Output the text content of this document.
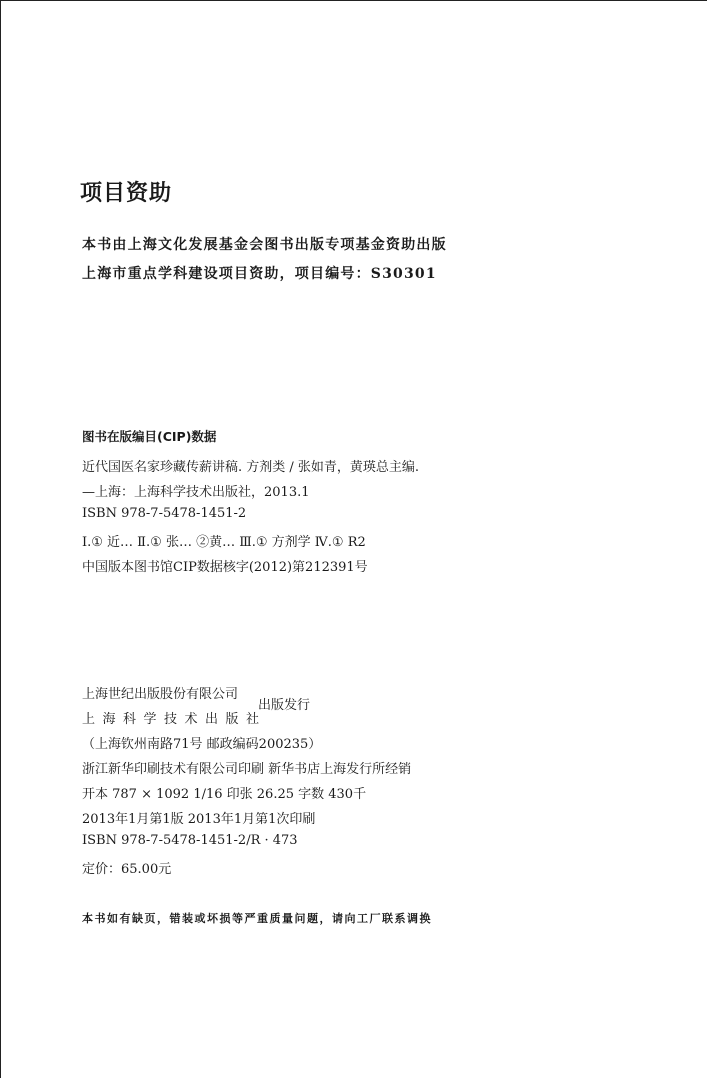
项目资助
本书由上海文化发展基金会图书出版专项基金资助出版
上海市重点学科建设项目资助，项目编号：S30301
图书在版编目(CIP)数据
近代国医名家珍藏传薪讲稿. 方剂类 / 张如青，黄瑛总主编.
—上海：上海科学技术出版社，2013.1
ISBN 978-7-5478-1451-2
Ⅰ.① 近… Ⅱ.① 张… ②黄… Ⅲ.① 方剂学 Ⅳ.① R2
中国版本图书馆CIP数据核字(2012)第212391号
上海世纪出版股份有限公司
上海科学技术出版社
出版发行
（上海钦州南路71号 邮政编码200235）
浙江新华印刷技术有限公司印刷 新华书店上海发行所经销
开本 787 × 1092 1/16 印张 26.25 字数 430千
2013年1月第1版 2013年1月第1次印刷
ISBN 978-7-5478-1451-2/R · 473
定价：65.00元
本书如有缺页，错装或坏损等严重质量问题，请向工厂联系调换
